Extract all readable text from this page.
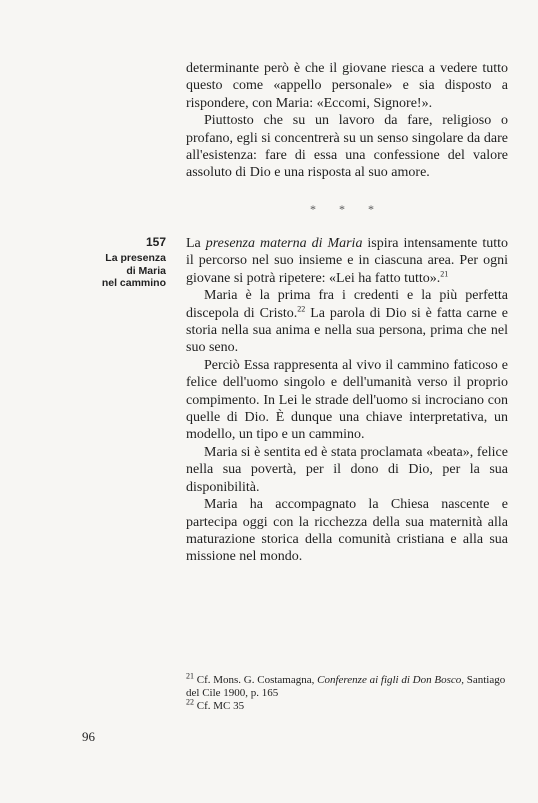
determinante però è che il giovane riesca a vedere tutto questo come «appello personale» e sia disposto a rispondere, con Maria: «Eccomi, Signore!».

Piuttosto che su un lavoro da fare, religioso o profano, egli si concentrerà su un senso singolare da dare all'esistenza: fare di essa una confessione del valore assoluto di Dio e una risposta al suo amore.

* * *
157
La presenza
di Maria
nel cammino

La presenza materna di Maria ispira intensamente tutto il percorso nel suo insieme e in ciascuna area. Per ogni giovane si potrà ripetere: «Lei ha fatto tutto».$^{21}$

Maria è la prima fra i credenti e la più perfetta discepola di Cristo.$^{22}$ La parola di Dio si è fatta carne e storia nella sua anima e nella sua persona, prima che nel suo seno.

Perciò Essa rappresenta al vivo il cammino faticoso e felice dell'uomo singolo e dell'umanità verso il proprio compimento. In Lei le strade dell'uomo si incrociano con quelle di Dio. È dunque una chiave interpretativa, un modello, un tipo e un cammino.

Maria si è sentita ed è stata proclamata «beata», felice nella sua povertà, per il dono di Dio, per la sua disponibilità.

Maria ha accompagnato la Chiesa nascente e partecipa oggi con la ricchezza della sua maternità alla maturazione storica della comunità cristiana e alla sua missione nel mondo.

$^{21}$ Cf. Mons. G. Costamagna, Conferenze ai figli di Don Bosco, Santiago del Cile 1900, p. 165

$^{22}$ Cf. MC 35

96
